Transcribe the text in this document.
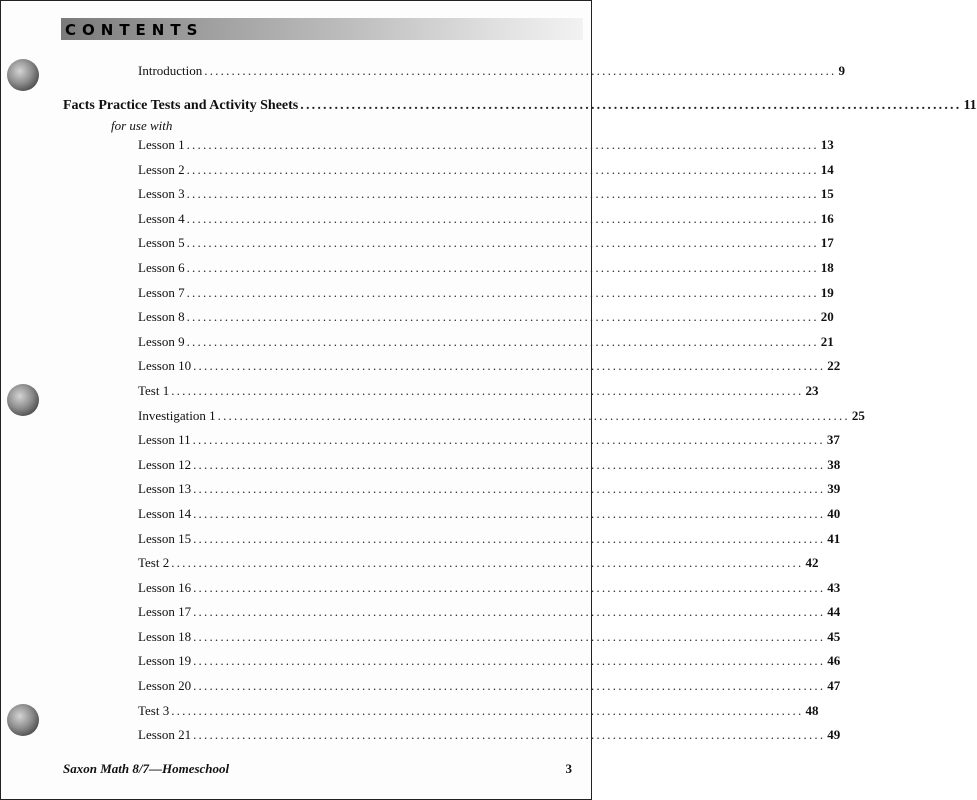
CONTENTS
Introduction .................................................................................................................... 9
Facts Practice Tests and Activity Sheets .................................................................................................................... 11
for use with
Lesson 1 .................................................................................................................... 13
Lesson 2 .................................................................................................................... 14
Lesson 3 .................................................................................................................... 15
Lesson 4 .................................................................................................................... 16
Lesson 5 .................................................................................................................... 17
Lesson 6 .................................................................................................................... 18
Lesson 7 .................................................................................................................... 19
Lesson 8 .................................................................................................................... 20
Lesson 9 .................................................................................................................... 21
Lesson 10 .................................................................................................................... 22
Test 1 .................................................................................................................... 23
Investigation 1 .................................................................................................................... 25
Lesson 11 .................................................................................................................... 37
Lesson 12 .................................................................................................................... 38
Lesson 13 .................................................................................................................... 39
Lesson 14 .................................................................................................................... 40
Lesson 15 .................................................................................................................... 41
Test 2 .................................................................................................................... 42
Lesson 16 .................................................................................................................... 43
Lesson 17 .................................................................................................................... 44
Lesson 18 .................................................................................................................... 45
Lesson 19 .................................................................................................................... 46
Lesson 20 .................................................................................................................... 47
Test 3 .................................................................................................................... 48
Lesson 21 .................................................................................................................... 49
Saxon Math 8/7—Homeschool	3
